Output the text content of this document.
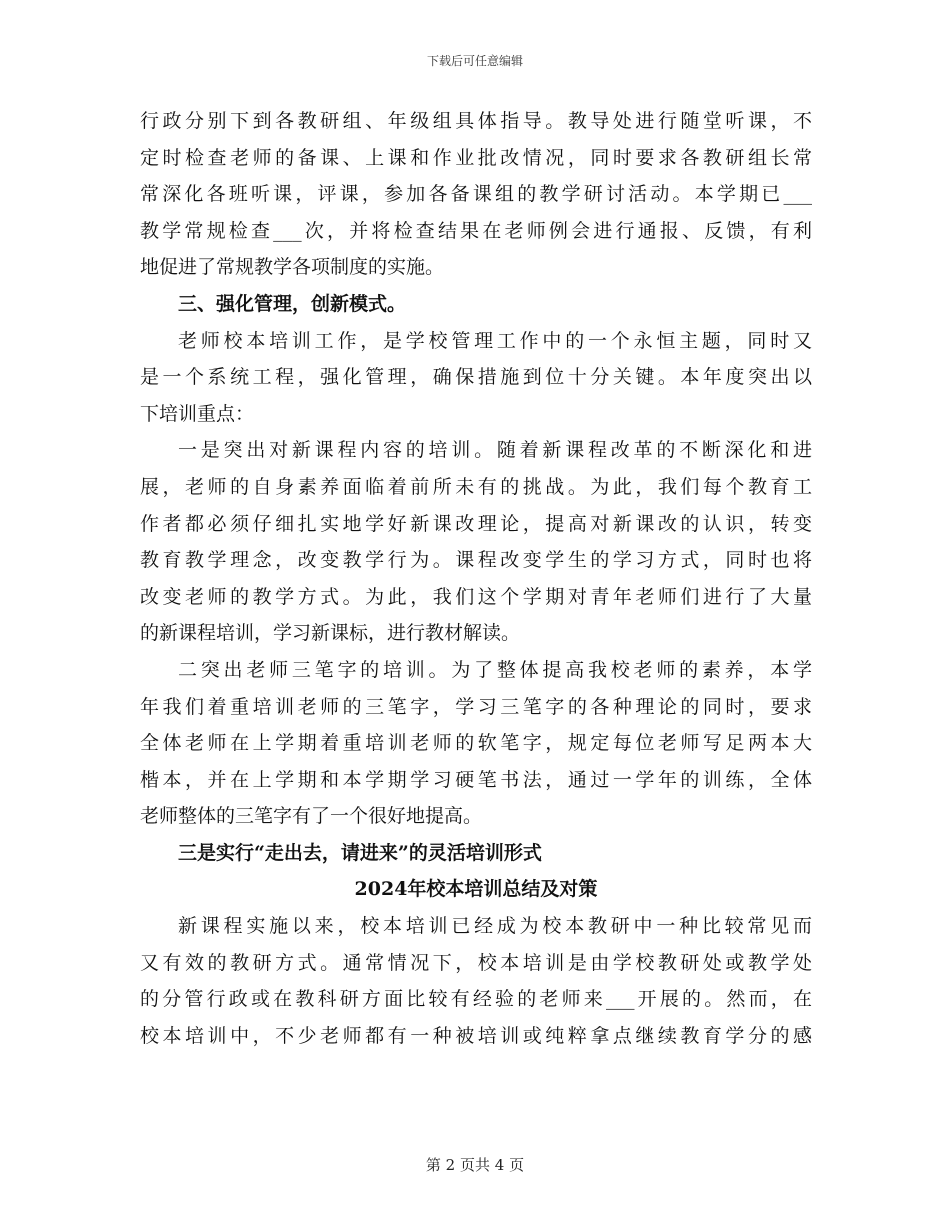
下载后可任意编辑
行政分别下到各教研组、年级组具体指导。教导处进行随堂听课，不
定时检查老师的备课、上课和作业批改情况，同时要求各教研组长常
常深化各班听课，评课，参加各备课组的教学研讨活动。本学期已___
教学常规检查___次，并将检查结果在老师例会进行通报、反馈，有利
地促进了常规教学各项制度的实施。
三、强化管理，创新模式。
老师校本培训工作，是学校管理工作中的一个永恒主题，同时又
是一个系统工程，强化管理，确保措施到位十分关键。本年度突出以
下培训重点：
一是突出对新课程内容的培训。随着新课程改革的不断深化和进
展，老师的自身素养面临着前所未有的挑战。为此，我们每个教育工
作者都必须仔细扎实地学好新课改理论，提高对新课改的认识，转变
教育教学理念，改变教学行为。课程改变学生的学习方式，同时也将
改变老师的教学方式。为此，我们这个学期对青年老师们进行了大量
的新课程培训，学习新课标，进行教材解读。
二突出老师三笔字的培训。为了整体提高我校老师的素养，本学
年我们着重培训老师的三笔字，学习三笔字的各种理论的同时，要求
全体老师在上学期着重培训老师的软笔字，规定每位老师写足两本大
楷本，并在上学期和本学期学习硬笔书法，通过一学年的训练，全体
老师整体的三笔字有了一个很好地提高。
三是实行“走出去，请进来”的灵活培训形式
2024年校本培训总结及对策
新课程实施以来，校本培训已经成为校本教研中一种比较常见而
又有效的教研方式。通常情况下，校本培训是由学校教研处或教学处
的分管行政或在教科研方面比较有经验的老师来___开展的。然而，在
校本培训中，不少老师都有一种被培训或纯粹拿点继续教育学分的感
第 2 页共 4 页
